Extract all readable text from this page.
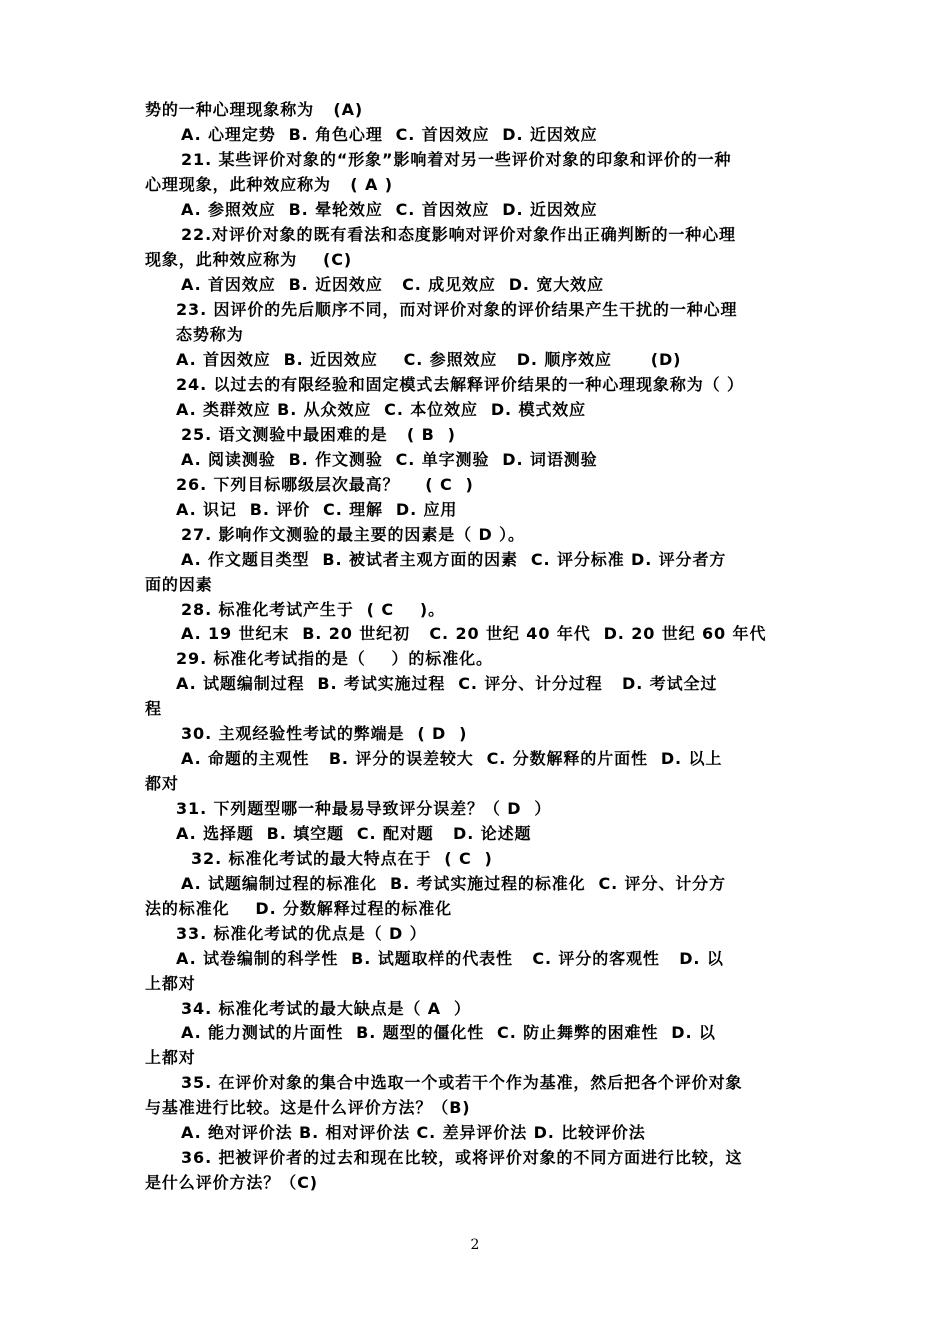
势的一种心理现象称为   (A)
A. 心理定势  B. 角色心理  C. 首因效应  D. 近因效应
21. 某些评价对象的“形象”影响着对另一些评价对象的印象和评价的一种
心理现象，此种效应称为   ( A )
A. 参照效应  B. 晕轮效应  C. 首因效应  D. 近因效应
22.对评价对象的既有看法和态度影响对评价对象作出正确判断的一种心理
现象，此种效应称为    (C)
A. 首因效应  B. 近因效应   C. 成见效应  D. 宽大效应
23. 因评价的先后顺序不同，而对评价对象的评价结果产生干扰的一种心理
态势称为
A. 首因效应  B. 近因效应    C. 参照效应   D. 顺序效应      (D)
24. 以过去的有限经验和固定模式去解释评价结果的一种心理现象称为（ ）
A. 类群效应 B. 从众效应  C. 本位效应  D. 模式效应
25. 语文测验中最困难的是   ( B  )
A. 阅读测验  B. 作文测验  C. 单字测验  D. 词语测验
26. 下列目标哪级层次最高？    ( C  )
A. 识记  B. 评价  C. 理解  D. 应用
27. 影响作文测验的最主要的因素是（ D ）。
A. 作文题目类型  B. 被试者主观方面的因素  C. 评分标准 D. 评分者方
面的因素
28. 标准化考试产生于  ( C    )。
A. 19 世纪末  B. 20 世纪初   C. 20 世纪 40 年代  D. 20 世纪 60 年代
29. 标准化考试指的是（    ）的标准化。
A. 试题编制过程  B. 考试实施过程  C. 评分、计分过程   D. 考试全过
程
30. 主观经验性考试的弊端是  ( D  )
A. 命题的主观性   B. 评分的误差较大  C. 分数解释的片面性  D. 以上
都对
31. 下列题型哪一种最易导致评分误差？（ D  ）
A. 选择题  B. 填空题  C. 配对题   D. 论述题
32. 标准化考试的最大特点在于  ( C  )
A. 试题编制过程的标准化  B. 考试实施过程的标准化  C. 评分、计分方
法的标准化    D. 分数解释过程的标准化
33. 标准化考试的优点是（ D ）
A. 试卷编制的科学性  B. 试题取样的代表性   C. 评分的客观性   D. 以
上都对
34. 标准化考试的最大缺点是（ A  ）
A. 能力测试的片面性  B. 题型的僵化性  C. 防止舞弊的困难性  D. 以
上都对
35. 在评价对象的集合中选取一个或若干个作为基准，然后把各个评价对象
与基准进行比较。这是什么评价方法？（B)
A. 绝对评价法 B. 相对评价法 C. 差异评价法 D. 比较评价法
36. 把被评价者的过去和现在比较，或将评价对象的不同方面进行比较，这
是什么评价方法？（C)
2
